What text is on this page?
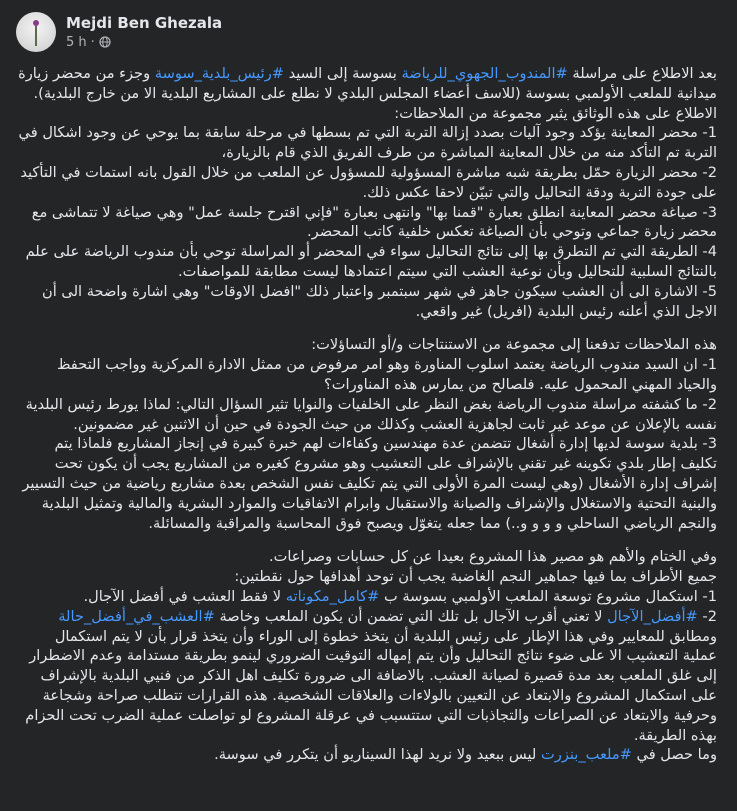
Mejdi Ben Ghezala
5 h ·

بعد الاطلاع على مراسلة #المندوب_الجهوي_للرياضة بسوسة إلى السيد #رئيس_بلدية_سوسة وجزء من محضر زيارة ميدانية للملعب الأولمبي بسوسة (للاسف أعضاء المجلس البلدي لا نطلع على المشاريع البلدية الا من خارج البلدية).

الاطلاع على هذه الوثائق يثير مجموعة من الملاحظات:

1- محضر المعاينة يؤكد وجود آليات بصدد إزالة التربة التي تم بسطها في مرحلة سابقة بما يوحي عن وجود اشكال في التربة تم التأكد منه من خلال المعاينة المباشرة من طرف الفريق الذي قام بالزيارة،

2- محضر الزيارة حمّل بطريقة شبه مباشرة المسؤولية للمسؤول عن الملعب من خلال القول بانه استمات في التأكيد على جودة التربة ودقة التحاليل والتي تبيّن لاحقا عكس ذلك.

3- صياغة محضر المعاينة انطلق بعبارة "قمنا بها" وانتهى بعبارة "فإني اقترح جلسة عمل" وهي صياغة لا تتماشى مع محضر زيارة جماعي وتوحي بأن الصياغة تعكس خلفية كاتب المحضر.

4- الطريقة التي تم التطرق بها إلى نتائج التحاليل سواء في المحضر أو المراسلة توحي بأن مندوب الرياضة على علم بالنتائج السلبية للتحاليل وبأن نوعية العشب التي سيتم اعتمادها ليست مطابقة للمواصفات.

5- الاشارة الى أن العشب سيكون جاهز في شهر سبتمبر واعتبار ذلك "افضل الاوقات" وهي اشارة واضحة الى أن الاجل الذي أعلنه رئيس البلدية (افريل) غير واقعي.

هذه الملاحظات تدفعنا إلى مجموعة من الاستنتاجات و/أو التساؤلات:

1- ان السيد مندوب الرياضة يعتمد اسلوب المناورة وهو امر مرفوض من ممثل الادارة المركزية وواجب التحفظ والحياد المهني المحمول عليه. فلصالح من يمارس هذه المناورات؟

2- ما كشفته مراسلة مندوب الرياضة بغض النظر على الخلفيات والنوايا تثير السؤال التالي: لماذا يورط رئيس البلدية نفسه بالإعلان عن موعد غير ثابت لجاهزية العشب وكذلك من حيث الجودة في حين أن الاثنين غير مضمونين.

3- بلدية سوسة لديها إدارة أشغال تتضمن عدة مهندسين وكفاءات لهم خبرة كبيرة في إنجاز المشاريع فلماذا يتم تكليف إطار بلدي تكوينه غير تقني بالإشراف على التعشيب وهو مشروع كغيره من المشاريع يجب أن يكون تحت إشراف إدارة الأشغال (وهي ليست المرة الأولى التي يتم تكليف نفس الشخص بعدة مشاريع رياضية من حيث التسيير والبنية التحتية والاستغلال والإشراف والصيانة والاستقبال وابرام الاتفاقيات والموارد البشرية والمالية وتمثيل البلدية والنجم الرياضي الساحلي و و و و..) مما جعله يتغوّل ويصبح فوق المحاسبة والمراقبة والمسائلة.

وفي الختام والأهم هو مصير هذا المشروع بعيدا عن كل حسابات وصراعات.

جميع الأطراف بما فيها جماهير النجم الغاضبة يجب أن توحد أهدافها حول نقطتين:

1- استكمال مشروع توسعة الملعب الأولمبي بسوسة ب #كامل_مكوناته لا فقط العشب في أفضل الآجال.

2- #أفضل_الآجال لا تعني أقرب الآجال بل تلك التي تضمن أن يكون الملعب وخاصة #العشب_في_أفضل_حالة ومطابق للمعايير وفي هذا الإطار على رئيس البلدية أن يتخذ خطوة إلى الوراء وأن يتخذ قرار بأن لا يتم استكمال عملية التعشيب الا على ضوء نتائج التحاليل وأن يتم إمهاله التوقيت الضروري لينمو بطريقة مستدامة وعدم الاضطرار إلى غلق الملعب بعد مدة قصيرة لصيانة العشب. بالاضافة الى ضرورة تكليف اهل الذكر من فنيي البلدية بالإشراف على استكمال المشروع والابتعاد عن التعيين بالولاءات والعلاقات الشخصية. هذه القرارات تتطلب صراحة وشجاعة وحرفية والابتعاد عن الصراعات والتجاذبات التي ستتسبب في عرقلة المشروع لو تواصلت عملية الضرب تحت الحزام بهذه الطريقة.

وما حصل في #ملعب_بنزرت ليس ببعيد ولا نريد لهذا السيناريو أن يتكرر في سوسة.
